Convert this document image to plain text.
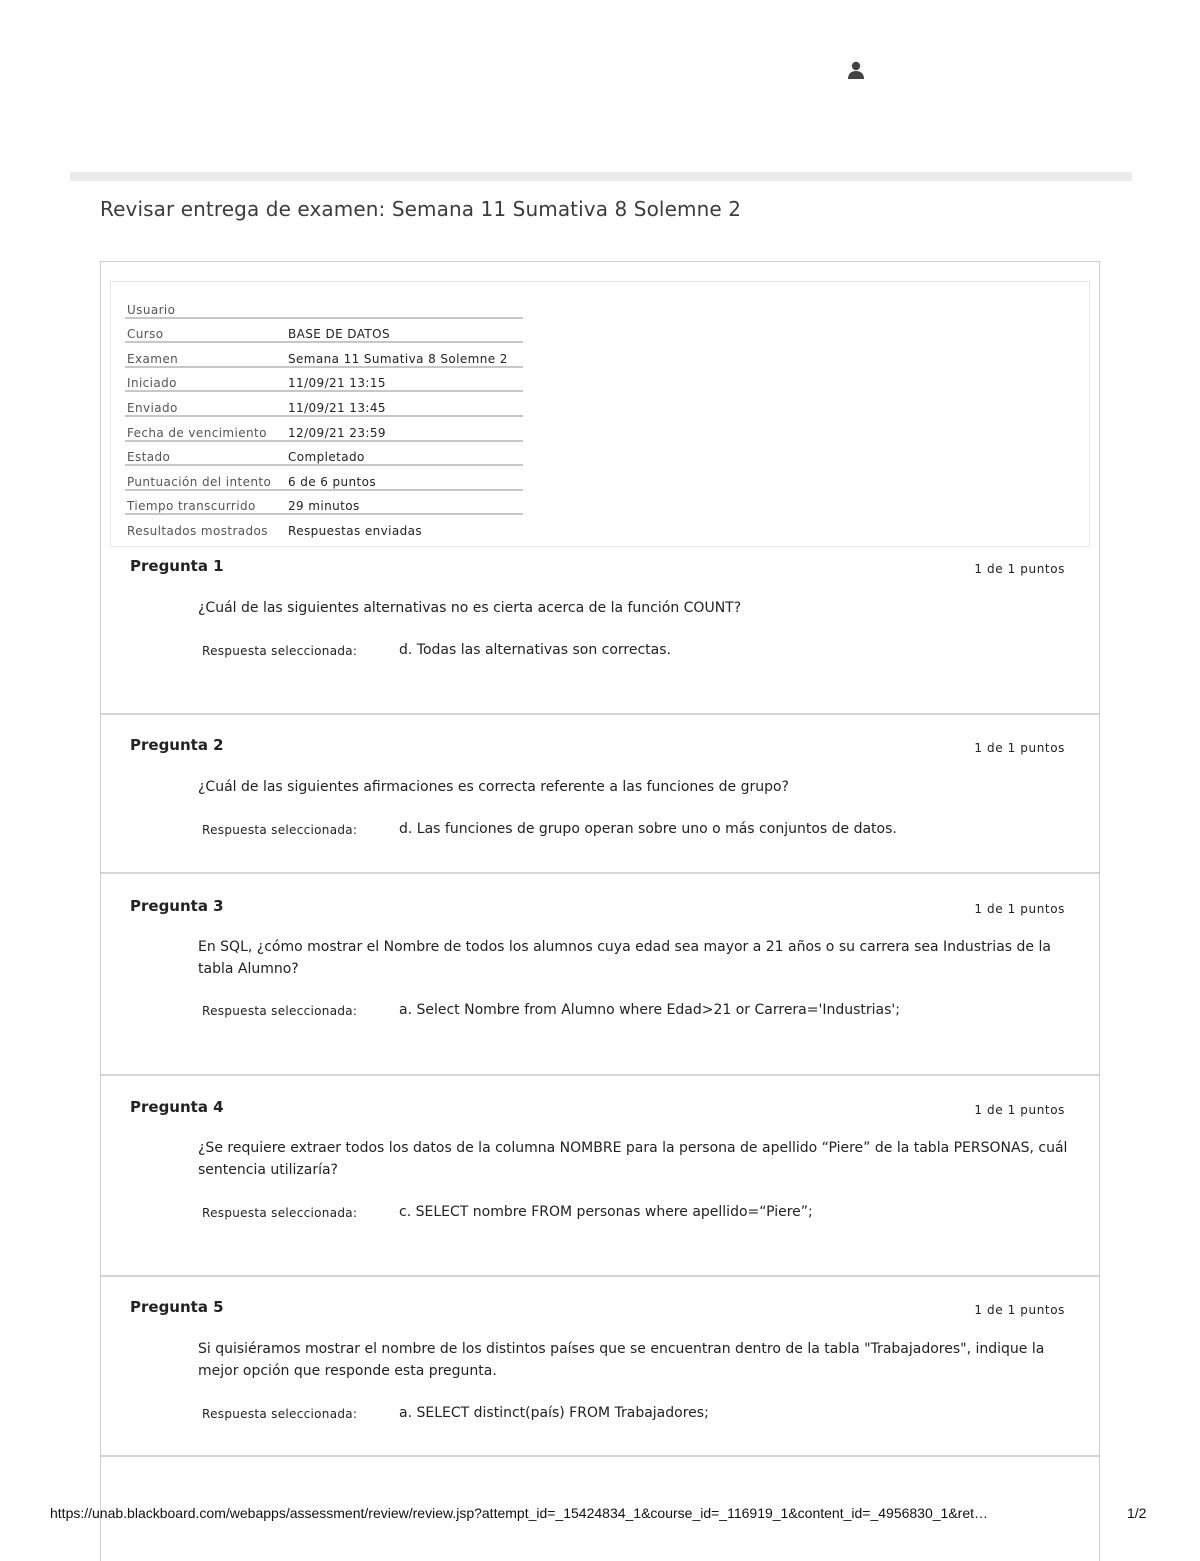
Revisar entrega de examen: Semana 11 Sumativa 8 Solemne 2
Usuario	
Curso	BASE DE DATOS
Examen	Semana 11 Sumativa 8 Solemne 2
Iniciado	11/09/21 13:15
Enviado	11/09/21 13:45
Fecha de vencimiento	12/09/21 23:59
Estado	Completado
Puntuación del intento	6 de 6 puntos
Tiempo transcurrido	29 minutos
Resultados mostrados	Respuestas enviadas
Pregunta 1	1 de 1 puntos

¿Cuál de las siguientes alternativas no es cierta acerca de la función COUNT?

Respuesta seleccionada:	d. Todas las alternativas son correctas.
Pregunta 2	1 de 1 puntos

¿Cuál de las siguientes afirmaciones es correcta referente a las funciones de grupo?

Respuesta seleccionada:	d. Las funciones de grupo operan sobre uno o más conjuntos de datos.
Pregunta 3	1 de 1 puntos

En SQL, ¿cómo mostrar el Nombre de todos los alumnos cuya edad sea mayor a 21 años o su carrera sea Industrias de la tabla Alumno?

Respuesta seleccionada:	a. Select Nombre from Alumno where Edad>21 or Carrera='Industrias';
Pregunta 4	1 de 1 puntos

¿Se requiere extraer todos los datos de la columna NOMBRE para la persona de apellido “Piere” de la tabla PERSONAS, cuál sentencia utilizaría?

Respuesta seleccionada:	c. SELECT nombre FROM personas where apellido=“Piere”;
Pregunta 5	1 de 1 puntos

Si quisiéramos mostrar el nombre de los distintos países que se encuentran dentro de la tabla "Trabajadores", indique la mejor opción que responde esta pregunta.

Respuesta seleccionada:	a. SELECT distinct(país) FROM Trabajadores;
https://unab.blackboard.com/webapps/assessment/review/review.jsp?attempt_id=_15424834_1&course_id=_116919_1&content_id=_4956830_1&ret…	1/2
